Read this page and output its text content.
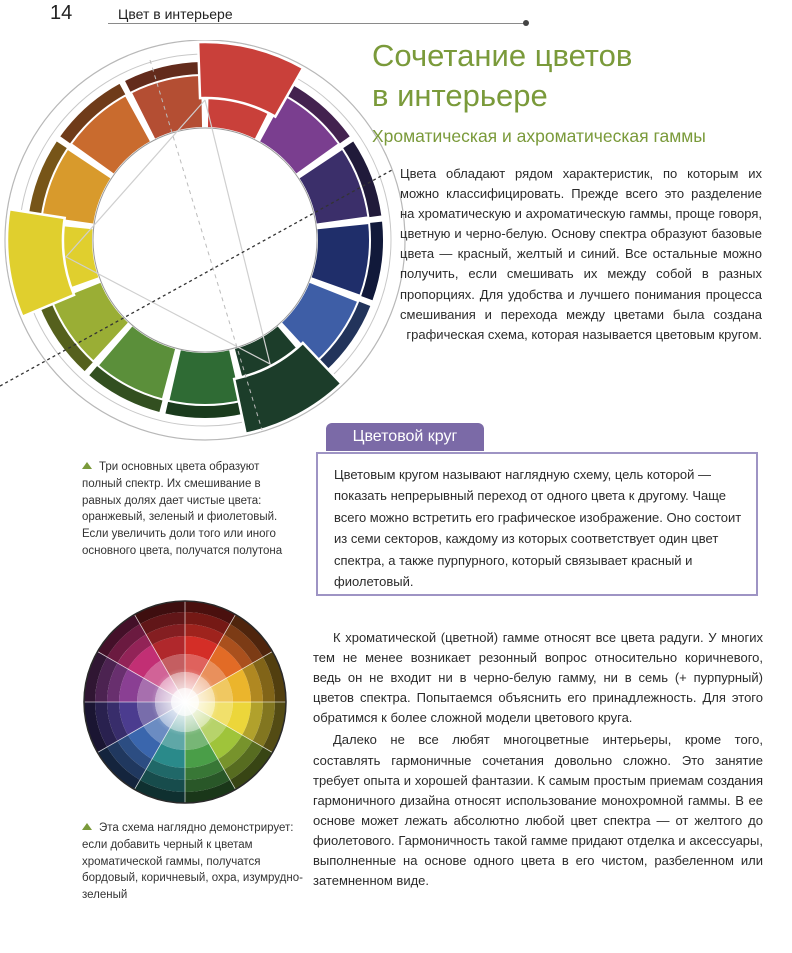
14	Цвет в интерьере
Сочетание цветов
в интерьере
Хроматическая и ахроматическая гаммы

Цвета обладают рядом характеристик, по которым их можно классифицировать. Прежде всего это разделение на хроматическую и ахроматическую гаммы, проще говоря, цветную и черно-белую. Основу спектра образуют базовые цвета — красный, желтый и синий. Все остальные можно получить, если смешивать их между собой в разных пропорциях. Для удобства и лучшего понимания процесса смешивания и перехода между цветами была создана графическая схема, которая называется цветовым кругом.

Цветовой круг

Цветовым кругом называют наглядную схему, цель которой — показать непрерывный переход от одного цвета к другому. Чаще всего можно встретить его графическое изображение. Оно состоит из семи секторов, каждому из которых соответствует один цвет спектра, а также пурпурного, который связывает красный и фиолетовый.

Три основных цвета образуют полный спектр. Их смешивание в равных долях дает чистые цвета: оранжевый, зеленый и фиолетовый. Если увеличить доли того или иного основного цвета, получатся полутона

Эта схема наглядно демонстрирует: если добавить черный к цветам хроматической гаммы, получатся бордовый, коричневый, охра, изумрудно-зеленый

К хроматической (цветной) гамме относят все цвета радуги. У многих тем не менее возникает резонный вопрос относительно коричневого, ведь он не входит ни в черно-белую гамму, ни в семь (+ пурпурный) цветов спектра. Попытаемся объяснить его принадлежность. Для этого обратимся к более сложной модели цветового круга.

Далеко не все любят многоцветные интерьеры, кроме того, составлять гармоничные сочетания довольно сложно. Это занятие требует опыта и хорошей фантазии. К самым простым приемам создания гармоничного дизайна относят использование монохромной гаммы. В ее основе может лежать абсолютно любой цвет спектра — от желтого до фиолетового. Гармоничность такой гамме придают отделка и аксессуары, выполненные на основе одного цвета в его чистом, разбеленном или затемненном виде.
